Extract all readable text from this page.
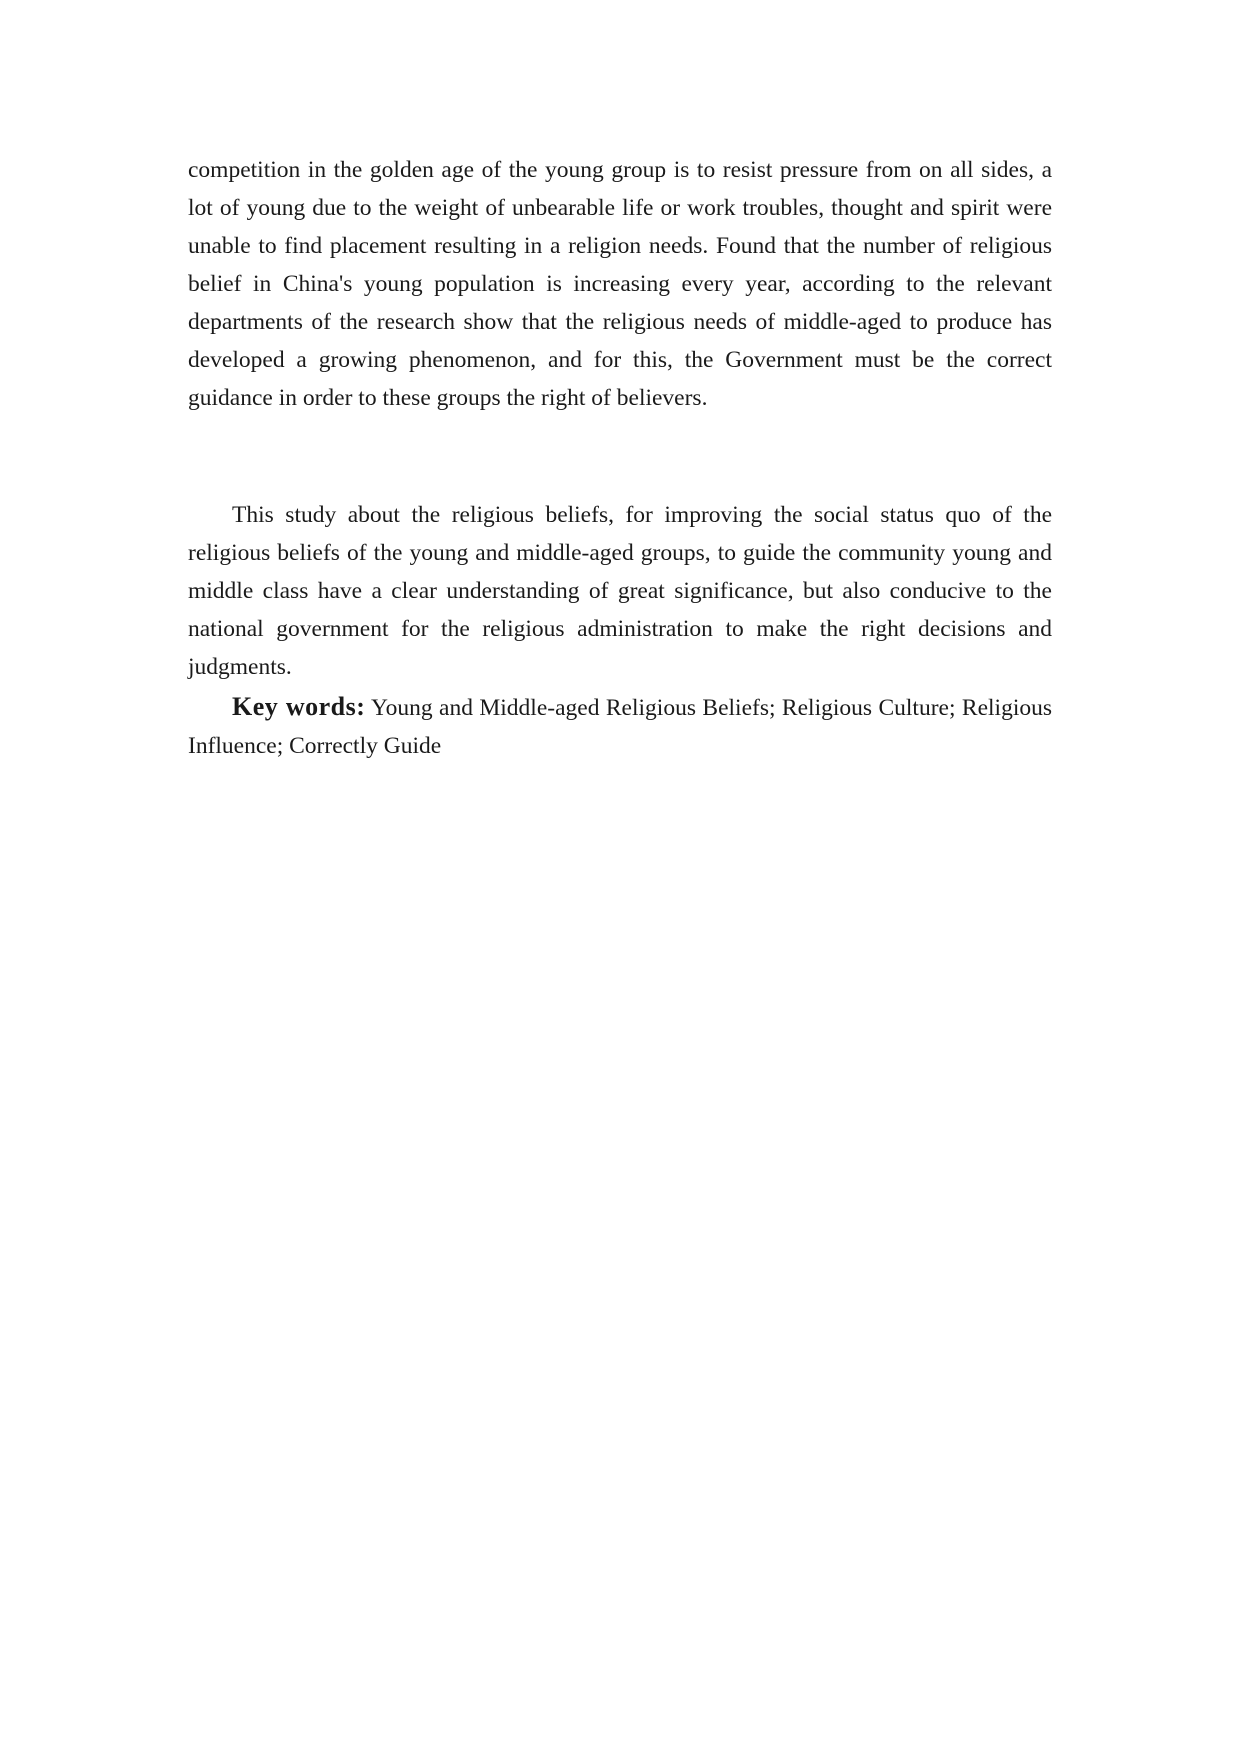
competition in the golden age of the young group is to resist pressure from on all sides, a lot of young due to the weight of unbearable life or work troubles, thought and spirit were unable to find placement resulting in a religion needs. Found that the number of religious belief in China's young population is increasing every year, according to the relevant departments of the research show that the religious needs of middle-aged to produce has developed a growing phenomenon, and for this, the Government must be the correct guidance in order to these groups the right of believers.

This study about the religious beliefs, for improving the social status quo of the religious beliefs of the young and middle-aged groups, to guide the community young and middle class have a clear understanding of great significance, but also conducive to the national government for the religious administration to make the right decisions and judgments.

Key words: Young and Middle-aged Religious Beliefs; Religious Culture; Religious Influence; Correctly Guide
